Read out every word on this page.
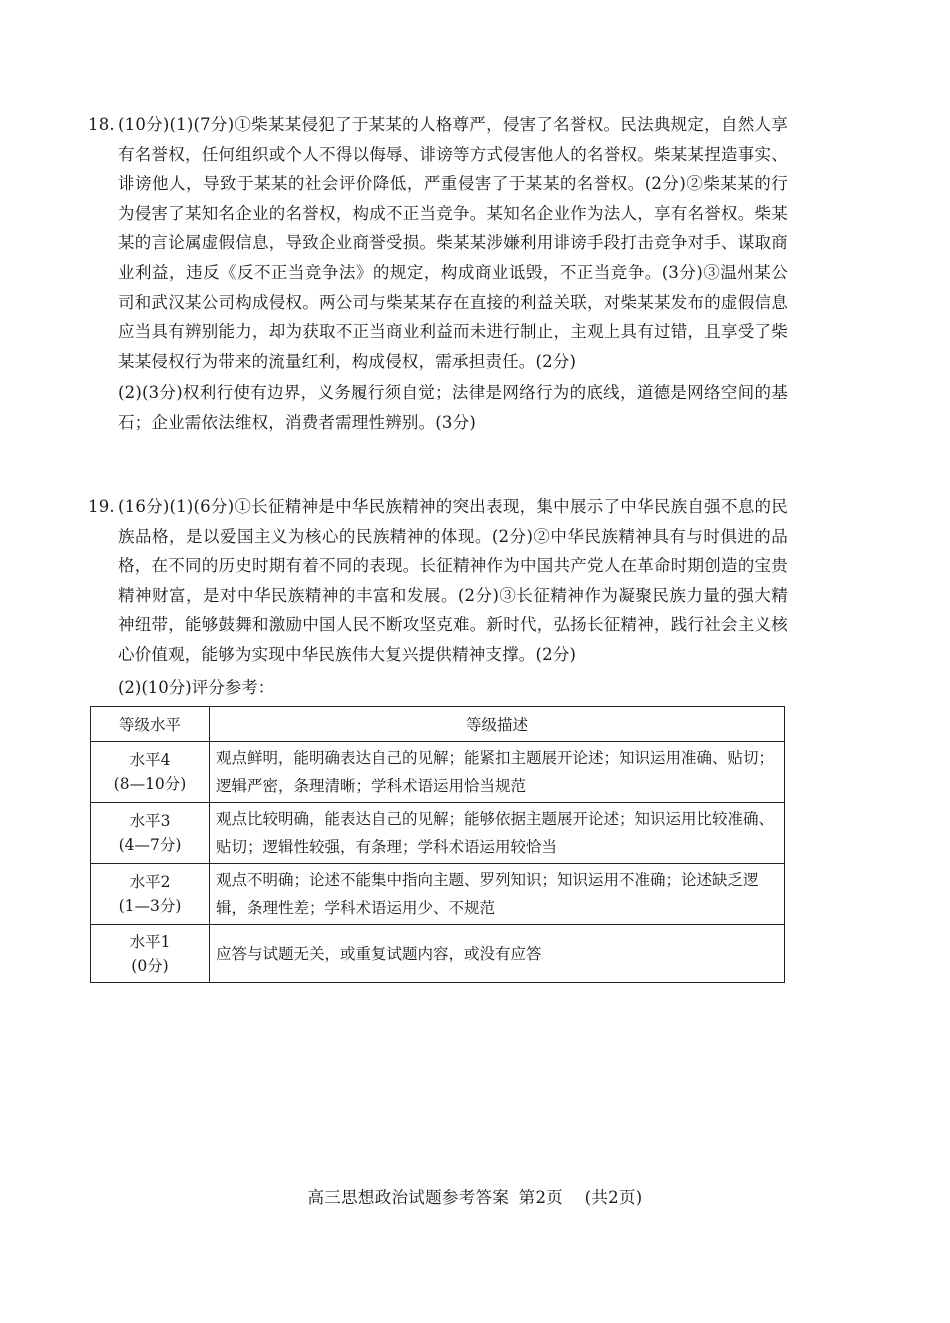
18. (10分)(1)(7分)①柴某某侵犯了于某某的人格尊严，侵害了名誉权。民法典规定，自然人享有名誉权，任何组织或个人不得以侮辱、诽谤等方式侵害他人的名誉权。柴某某捏造事实、诽谤他人，导致于某某的社会评价降低，严重侵害了于某某的名誉权。(2分)②柴某某的行为侵害了某知名企业的名誉权，构成不正当竞争。某知名企业作为法人，享有名誉权。柴某某的言论属虚假信息，导致企业商誉受损。柴某某涉嫌利用诽谤手段打击竞争对手、谋取商业利益，违反《反不正当竞争法》的规定，构成商业诋毁，不正当竞争。(3分)③温州某公司和武汉某公司构成侵权。两公司与柴某某存在直接的利益关联，对柴某某发布的虚假信息应当具有辨别能力，却为获取不正当商业利益而未进行制止，主观上具有过错，且享受了柴某某侵权行为带来的流量红利，构成侵权，需承担责任。(2分)
(2)(3分)权利行使有边界，义务履行须自觉；法律是网络行为的底线，道德是网络空间的基石；企业需依法维权，消费者需理性辨别。(3分)
19. (16分)(1)(6分)①长征精神是中华民族精神的突出表现，集中展示了中华民族自强不息的民族品格，是以爱国主义为核心的民族精神的体现。(2分)②中华民族精神具有与时俱进的品格，在不同的历史时期有着不同的表现。长征精神作为中国共产党人在革命时期创造的宝贵精神财富，是对中华民族精神的丰富和发展。(2分)③长征精神作为凝聚民族力量的强大精神纽带，能够鼓舞和激励中国人民不断攻坚克难。新时代，弘扬长征精神，践行社会主义核心价值观，能够为实现中华民族伟大复兴提供精神支撑。(2分)
(2)(10分)评分参考：
等级水平	等级描述

水平4
(8—10分)	观点鲜明，能明确表达自己的见解；能紧扣主题展开论述；知识运用准确、贴切；逻辑严密，条理清晰；学科术语运用恰当规范

水平3
(4—7分)	观点比较明确，能表达自己的见解；能够依据主题展开论述；知识运用比较准确、贴切；逻辑性较强，有条理；学科术语运用较恰当

水平2
(1—3分)	观点不明确；论述不能集中指向主题、罗列知识；知识运用不准确；论述缺乏逻辑，条理性差；学科术语运用少、不规范

水平1
(0分)	应答与试题无关，或重复试题内容，或没有应答
高三思想政治试题参考答案 第2页 (共2页)
